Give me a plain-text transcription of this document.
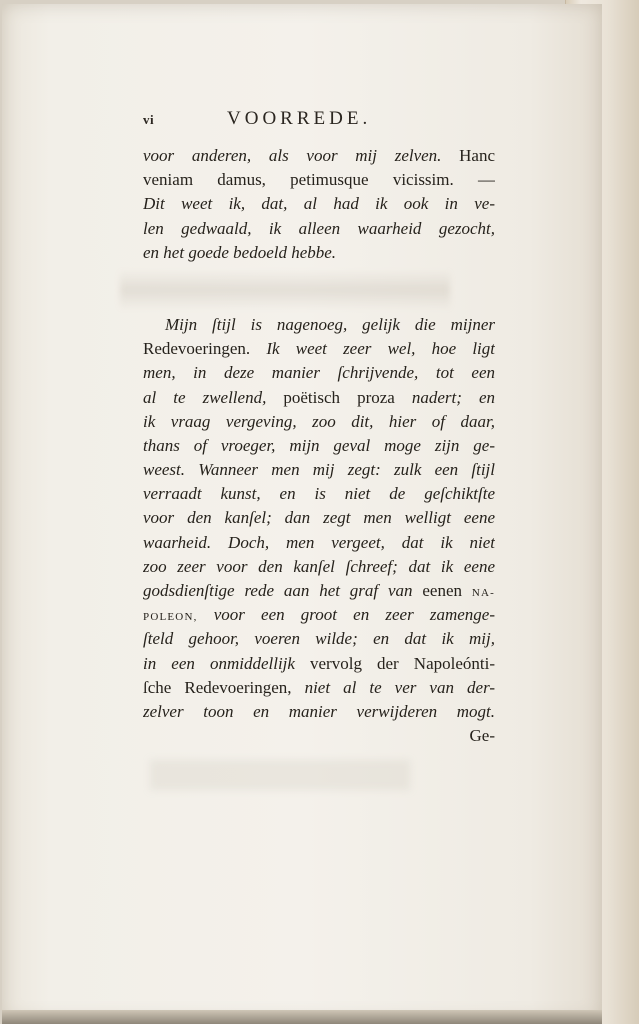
vi	VOORREDE.
voor anderen, als voor mij zelven. Hanc
veniam damus, petimusque vicissim. —
Dit weet ik, dat, al had ik ook in ve-
len gedwaald, ik alleen waarheid gezocht,
en het goede bedoeld hebbe.
Mijn ſtijl is nagenoeg, gelijk die mijner
Redevoeringen. Ik weet zeer wel, hoe ligt
men, in deze manier ſchrijvende, tot een
al te zwellend, poëtisch proza nadert; en
ik vraag vergeving, zoo dit, hier of daar,
thans of vroeger, mijn geval moge zijn ge-
weest. Wanneer men mij zegt: zulk een ſtijl
verraadt kunst, en is niet de geſchiktſte
voor den kanſel; dan zegt men welligt eene
waarheid. Doch, men vergeet, dat ik niet
zoo zeer voor den kanſel ſchreef; dat ik eene
godsdienſtige rede aan het graf van eenen NA-
POLEON, voor een groot en zeer zamenge-
ſteld gehoor, voeren wilde; en dat ik mij,
in een onmiddellijk vervolg der Napoleónti-
ſche Redevoeringen, niet al te ver van der-
zelver toon en manier verwijderen mogt.
Ge-
